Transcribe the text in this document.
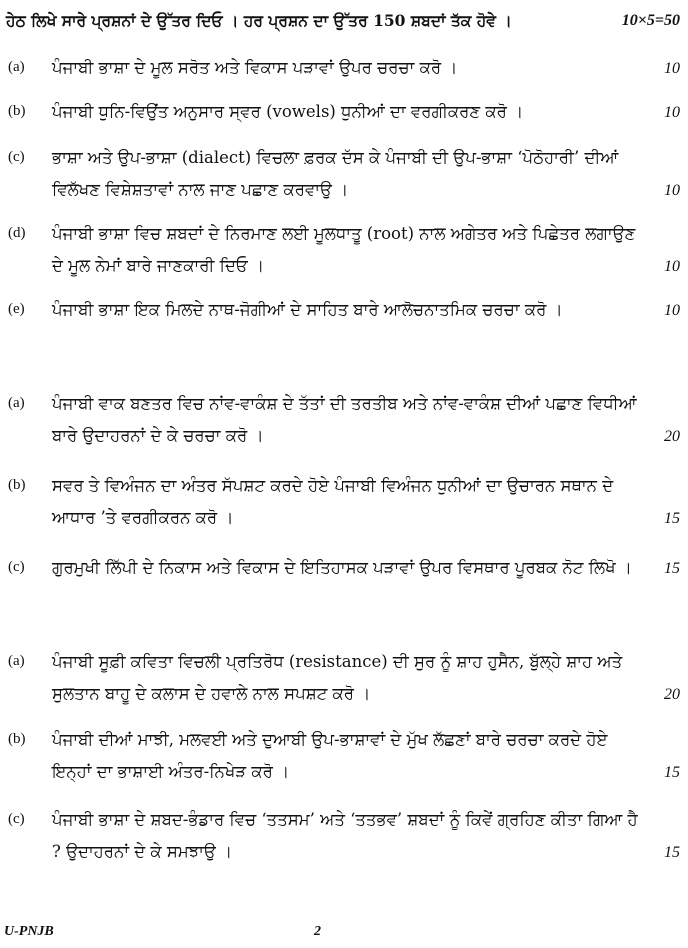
ਹੇਠ ਲਿਖੇ ਸਾਰੇ ਪ੍ਰਸ਼ਨਾਂ ਦੇ ਉੱਤਰ ਦਿਓ । ਹਰ ਪ੍ਰਸ਼ਨ ਦਾ ਉੱਤਰ 150 ਸ਼ਬਦਾਂ ਤੱਕ ਹੋਵੇ ।	10×5=50
(a)	ਪੰਜਾਬੀ ਭਾਸ਼ਾ ਦੇ ਮੂਲ ਸਰੋਤ ਅਤੇ ਵਿਕਾਸ ਪੜਾਵਾਂ ਉਪਰ ਚਰਚਾ ਕਰੋ ।	10
(b)	ਪੰਜਾਬੀ ਧੁਨਿ-ਵਿਉਂਤ ਅਨੁਸਾਰ ਸ੍ਵਰ (vowels) ਧੁਨੀਆਂ ਦਾ ਵਰਗੀਕਰਣ ਕਰੋ ।	10
(c)	ਭਾਸ਼ਾ ਅਤੇ ਉਪ-ਭਾਸ਼ਾ (dialect) ਵਿਚਲਾ ਫ਼ਰਕ ਦੱਸ ਕੇ ਪੰਜਾਬੀ ਦੀ ਉਪ-ਭਾਸ਼ਾ ‘ਪੋਠੋਹਾਰੀ’ ਦੀਆਂ ਵਿਲੱਖਣ ਵਿਸ਼ੇਸ਼ਤਾਵਾਂ ਨਾਲ ਜਾਣ ਪਛਾਣ ਕਰਵਾਉ ।	10
(d)	ਪੰਜਾਬੀ ਭਾਸ਼ਾ ਵਿਚ ਸ਼ਬਦਾਂ ਦੇ ਨਿਰਮਾਣ ਲਈ ਮੂਲਧਾਤੂ (root) ਨਾਲ ਅਗੇਤਰ ਅਤੇ ਪਿਛੇਤਰ ਲਗਾਉਣ ਦੇ ਮੂਲ ਨੇਮਾਂ ਬਾਰੇ ਜਾਣਕਾਰੀ ਦਿਓ ।	10
(e)	ਪੰਜਾਬੀ ਭਾਸ਼ਾ ਇਕ ਮਿਲਦੇ ਨਾਥ-ਜੋਗੀਆਂ ਦੇ ਸਾਹਿਤ ਬਾਰੇ ਆਲੋਚਨਾਤਮਿਕ ਚਰਚਾ ਕਰੋ ।	10
(a)	ਪੰਜਾਬੀ ਵਾਕ ਬਣਤਰ ਵਿਚ ਨਾਂਵ-ਵਾਕੰਸ਼ ਦੇ ਤੱਤਾਂ ਦੀ ਤਰਤੀਬ ਅਤੇ ਨਾਂਵ-ਵਾਕੰਸ਼ ਦੀਆਂ ਪਛਾਣ ਵਿਧੀਆਂ ਬਾਰੇ ਉਦਾਹਰਨਾਂ ਦੇ ਕੇ ਚਰਚਾ ਕਰੋ ।	20
(b)	ਸਵਰ ਤੇ ਵਿਅੰਜਨ ਦਾ ਅੰਤਰ ਸੱਪਸ਼ਟ ਕਰਦੇ ਹੋਏ ਪੰਜਾਬੀ ਵਿਅੰਜਨ ਧੁਨੀਆਂ ਦਾ ਉਚਾਰਨ ਸਥਾਨ ਦੇ ਆਧਾਰ ’ਤੇ ਵਰਗੀਕਰਨ ਕਰੋ ।	15
(c)	ਗੁਰਮੁਖੀ ਲਿੱਪੀ ਦੇ ਨਿਕਾਸ ਅਤੇ ਵਿਕਾਸ ਦੇ ਇਤਿਹਾਸਕ ਪੜਾਵਾਂ ਉਪਰ ਵਿਸਥਾਰ ਪੂਰਬਕ ਨੋਟ ਲਿਖੋ ।	15
(a)	ਪੰਜਾਬੀ ਸੂਫ਼ੀ ਕਵਿਤਾ ਵਿਚਲੀ ਪ੍ਰਤਿਰੋਧ (resistance) ਦੀ ਸੁਰ ਨੂੰ ਸ਼ਾਹ ਹੁਸੈਨ, ਬੁੱਲ੍ਹੇ ਸ਼ਾਹ ਅਤੇ ਸੁਲਤਾਨ ਬਾਹੂ ਦੇ ਕਲਾਸ ਦੇ ਹਵਾਲੇ ਨਾਲ ਸਪਸ਼ਟ ਕਰੋ ।	20
(b)	ਪੰਜਾਬੀ ਦੀਆਂ ਮਾਝੀ, ਮਲਵਈ ਅਤੇ ਦੁਆਬੀ ਉਪ-ਭਾਸ਼ਾਵਾਂ ਦੇ ਮੁੱਖ ਲੱਛਣਾਂ ਬਾਰੇ ਚਰਚਾ ਕਰਦੇ ਹੋਏ ਇਨ੍ਹਾਂ ਦਾ ਭਾਸ਼ਾਈ ਅੰਤਰ-ਨਿਖੇੜ ਕਰੋ ।	15
(c)	ਪੰਜਾਬੀ ਭਾਸ਼ਾ ਦੇ ਸ਼ਬਦ-ਭੰਡਾਰ ਵਿਚ ‘ਤਤਸਮ’ ਅਤੇ ‘ਤਤਭਵ’ ਸ਼ਬਦਾਂ ਨੂੰ ਕਿਵੇਂ ਗ੍ਰਹਿਣ ਕੀਤਾ ਗਿਆ ਹੈ ? ਉਦਾਹਰਨਾਂ ਦੇ ਕੇ ਸਮਝਾਉ ।	15
U-PNJB	2
